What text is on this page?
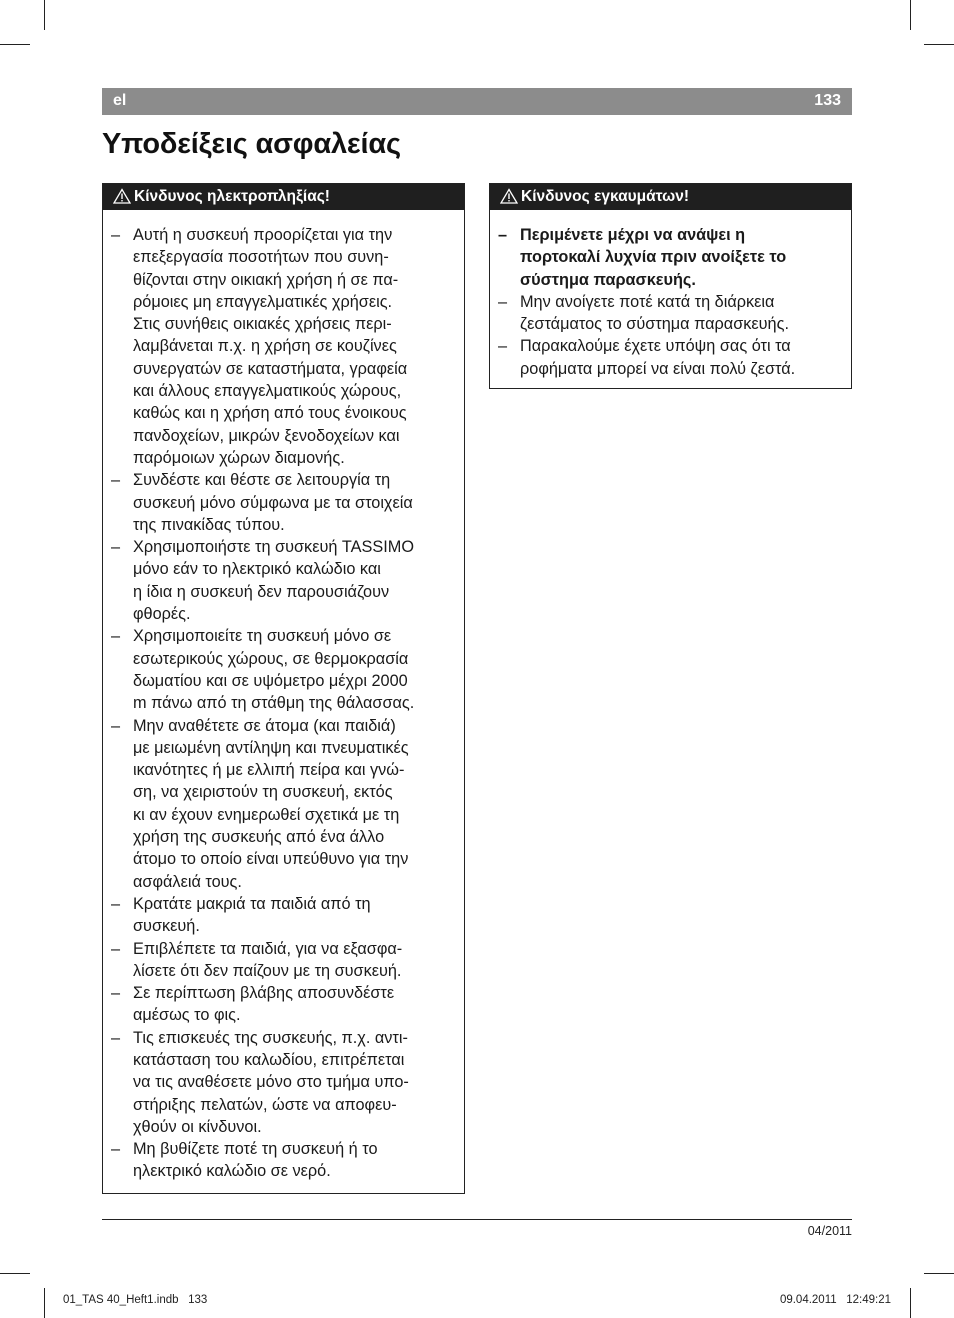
el	133
Υποδείξεις ασφαλείας
Κίνδυνος ηλεκτροπληξίας!
– Αυτή η συσκευή προορίζεται για την
επεξεργασία ποσοτήτων που συνη-
θίζονται στην οικιακή χρήση ή σε πα-
ρόμοιες μη επαγγελματικές χρήσεις.
Στις συνήθεις οικιακές χρήσεις περι-
λαμβάνεται π.χ. η χρήση σε κουζίνες
συνεργατών σε καταστήματα, γραφεία
και άλλους επαγγελματικούς χώρους,
καθώς και η χρήση από τους ένοικους
πανδοχείων, μικρών ξενοδοχείων και
παρόμοιων χώρων διαμονής.
– Συνδέστε και θέστε σε λειτουργία τη
συσκευή μόνο σύμφωνα με τα στοιχεία
της πινακίδας τύπου.
– Χρησιμοποιήστε τη συσκευή TASSIMO
μόνο εάν το ηλεκτρικό καλώδιο και
η ίδια η συσκευή δεν παρουσιάζουν
φθορές.
– Χρησιμοποιείτε τη συσκευή μόνο σε
εσωτερικούς χώρους, σε θερμοκρασία
δωματίου και σε υψόμετρο μέχρι 2000
m πάνω από τη στάθμη της θάλασσας.
– Μην αναθέτετε σε άτομα (και παιδιά)
με μειωμένη αντίληψη και πνευματικές
ικανότητες ή με ελλιπή πείρα και γνώ-
ση, να χειριστούν τη συσκευή, εκτός
κι αν έχουν ενημερωθεί σχετικά με τη
χρήση της συσκευής από ένα άλλο
άτομο το οποίο είναι υπεύθυνο για την
ασφάλειά τους.
– Κρατάτε μακριά τα παιδιά από τη
συσκευή.
– Επιβλέπετε τα παιδιά, για να εξασφα-
λίσετε ότι δεν παίζουν με τη συσκευή.
– Σε περίπτωση βλάβης αποσυνδέστε
αμέσως το φις.
– Τις επισκευές της συσκευής, π.χ. αντι-
κατάσταση του καλωδίου, επιτρέπεται
να τις αναθέσετε μόνο στο τμήμα υπο-
στήριξης πελατών, ώστε να αποφευ-
χθούν οι κίνδυνοι.
– Μη βυθίζετε ποτέ τη συσκευή ή το
ηλεκτρικό καλώδιο σε νερό.
Κίνδυνος εγκαυμάτων!
– Περιμένετε μέχρι να ανάψει η
πορτοκαλί λυχνία πριν ανοίξετε το
σύστημα παρασκευής.
– Μην ανοίγετε ποτέ κατά τη διάρκεια
ζεστάματος το σύστημα παρασκευής.
– Παρακαλούμε έχετε υπόψη σας ότι τα
ροφήματα μπορεί να είναι πολύ ζεστά.
04/2011
01_TAS 40_Heft1.indb   133	09.04.2011   12:49:21
